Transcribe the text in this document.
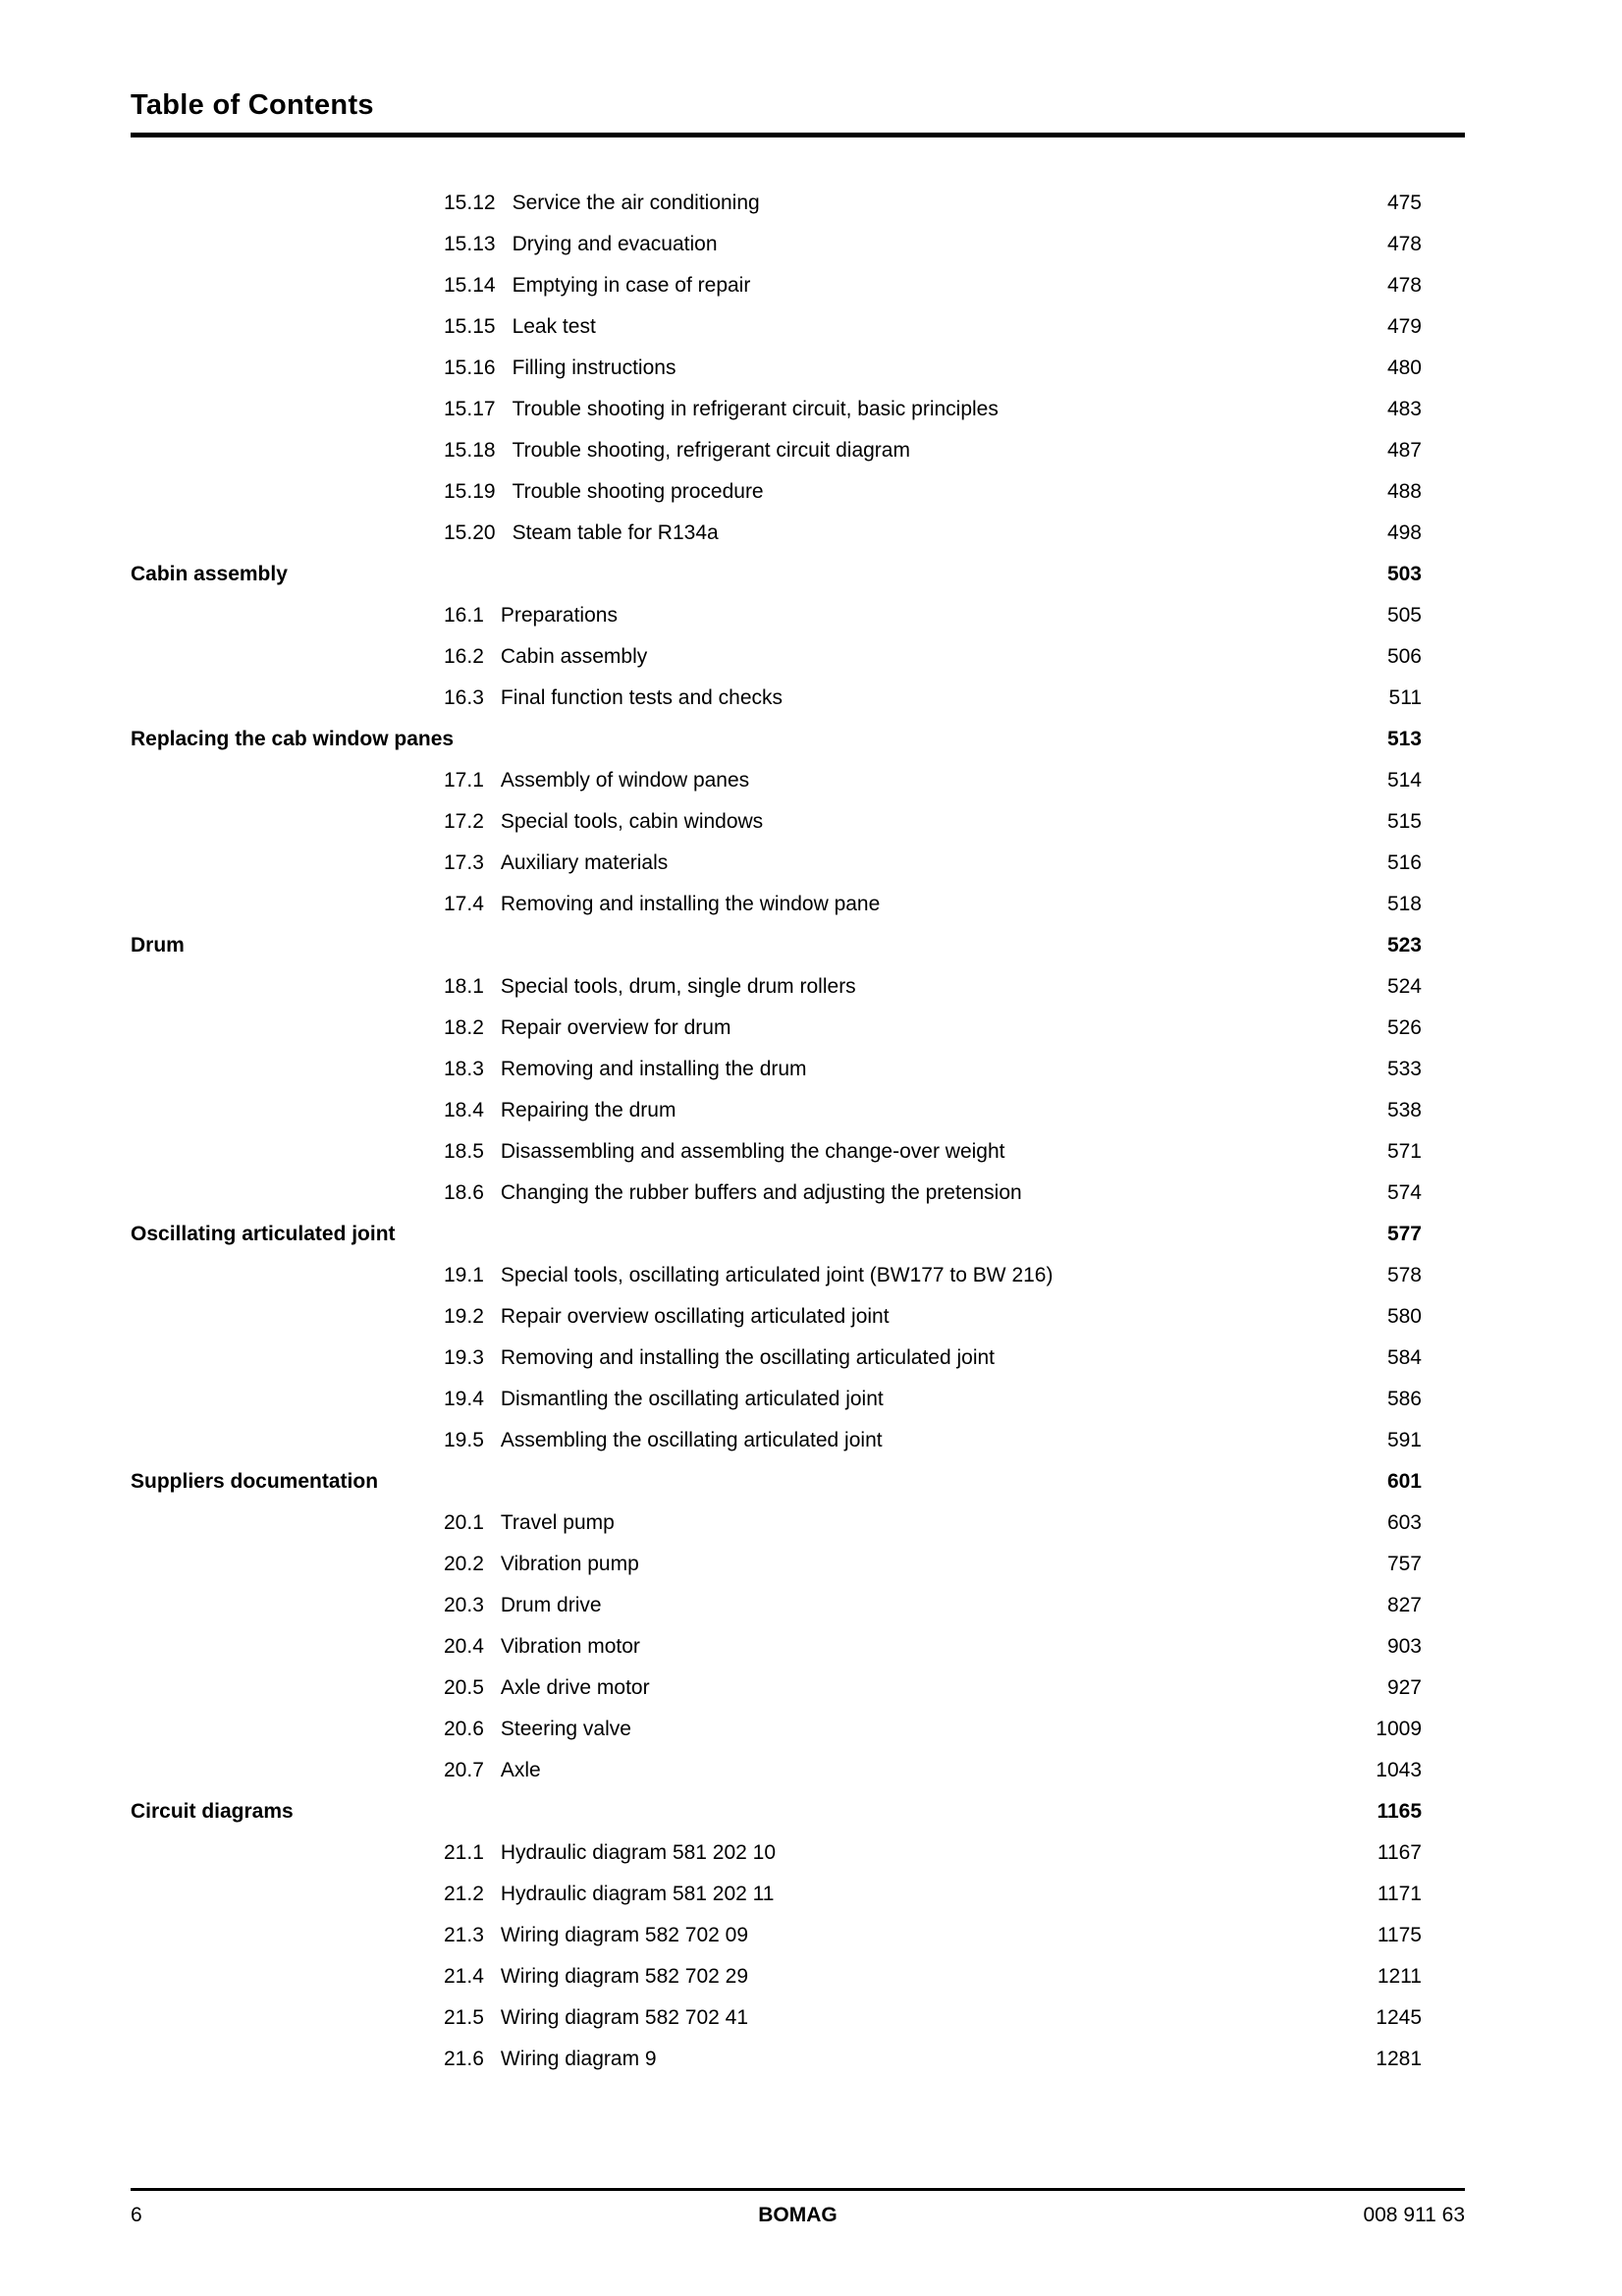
Table of Contents
15.12 Service the air conditioning	475
15.13 Drying and evacuation	478
15.14 Emptying in case of repair	478
15.15 Leak test	479
15.16 Filling instructions	480
15.17 Trouble shooting in refrigerant circuit, basic principles	483
15.18 Trouble shooting, refrigerant circuit diagram	487
15.19 Trouble shooting procedure	488
15.20 Steam table for R134a	498
Cabin assembly	503
16.1 Preparations	505
16.2 Cabin assembly	506
16.3 Final function tests and checks	511
Replacing the cab window panes	513
17.1 Assembly of window panes	514
17.2 Special tools, cabin windows	515
17.3 Auxiliary materials	516
17.4 Removing and installing the window pane	518
Drum	523
18.1 Special tools, drum, single drum rollers	524
18.2 Repair overview for drum	526
18.3 Removing and installing the drum	533
18.4 Repairing the drum	538
18.5 Disassembling and assembling the change-over weight	571
18.6 Changing the rubber buffers and adjusting the pretension	574
Oscillating articulated joint	577
19.1 Special tools, oscillating articulated joint (BW177 to BW 216)	578
19.2 Repair overview oscillating articulated joint	580
19.3 Removing and installing the oscillating articulated joint	584
19.4 Dismantling the oscillating articulated joint	586
19.5 Assembling the oscillating articulated joint	591
Suppliers documentation	601
20.1 Travel pump	603
20.2 Vibration pump	757
20.3 Drum drive	827
20.4 Vibration motor	903
20.5 Axle drive motor	927
20.6 Steering valve	1009
20.7 Axle	1043
Circuit diagrams	1165
21.1 Hydraulic diagram 581 202 10	1167
21.2 Hydraulic diagram 581 202 11	1171
21.3 Wiring diagram 582 702 09	1175
21.4 Wiring diagram 582 702 29	1211
21.5 Wiring diagram 582 702 41	1245
21.6 Wiring diagram 9	1281
6	BOMAG	008 911 63
